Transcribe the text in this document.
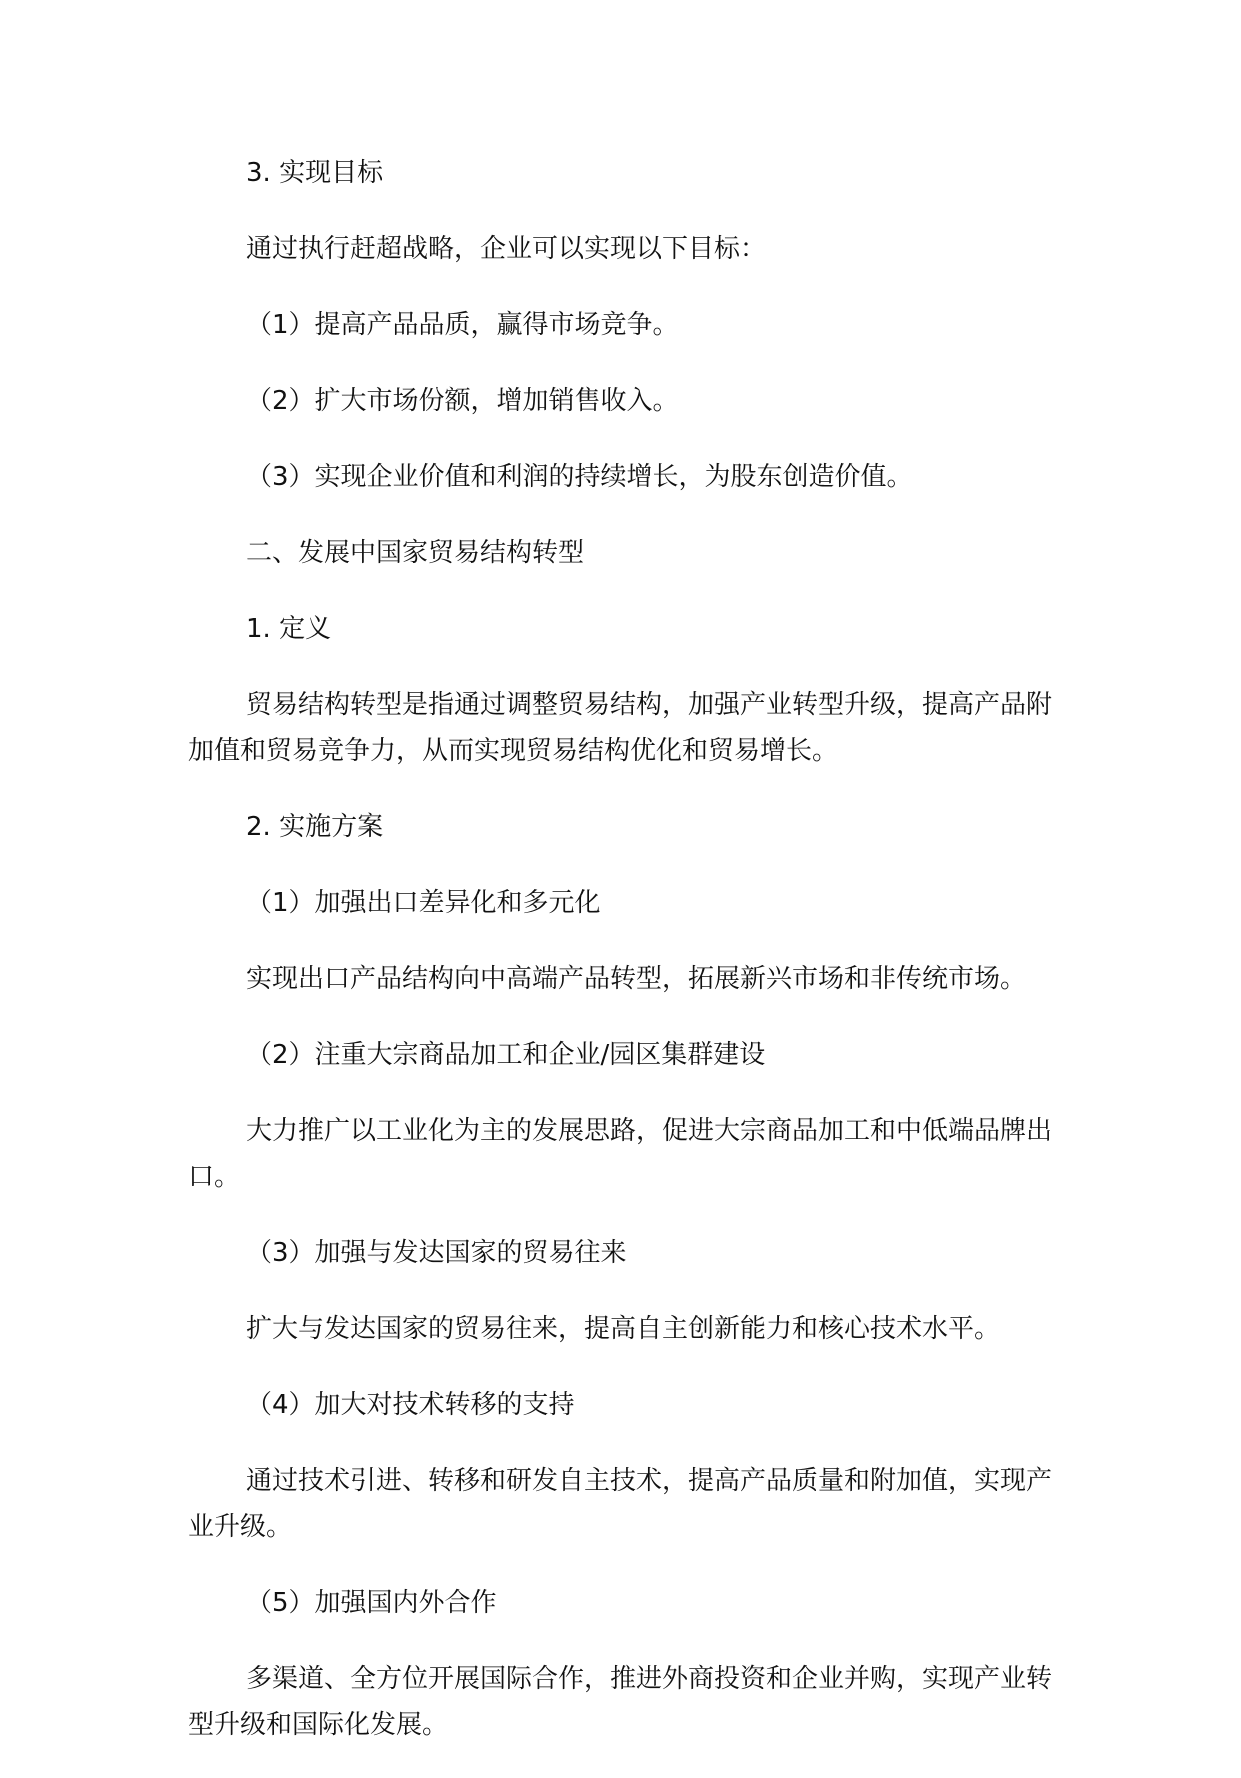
3. 实现目标

通过执行赶超战略，企业可以实现以下目标：

（1）提高产品品质，赢得市场竞争。

（2）扩大市场份额，增加销售收入。

（3）实现企业价值和利润的持续增长，为股东创造价值。

二、发展中国家贸易结构转型

1. 定义

贸易结构转型是指通过调整贸易结构，加强产业转型升级，提高产品附加值和贸易竞争力，从而实现贸易结构优化和贸易增长。

2. 实施方案

（1）加强出口差异化和多元化

实现出口产品结构向中高端产品转型，拓展新兴市场和非传统市场。

（2）注重大宗商品加工和企业/园区集群建设

大力推广以工业化为主的发展思路，促进大宗商品加工和中低端品牌出口。

（3）加强与发达国家的贸易往来

扩大与发达国家的贸易往来，提高自主创新能力和核心技术水平。

（4）加大对技术转移的支持

通过技术引进、转移和研发自主技术，提高产品质量和附加值，实现产业升级。

（5）加强国内外合作

多渠道、全方位开展国际合作，推进外商投资和企业并购，实现产业转型升级和国际化发展。
